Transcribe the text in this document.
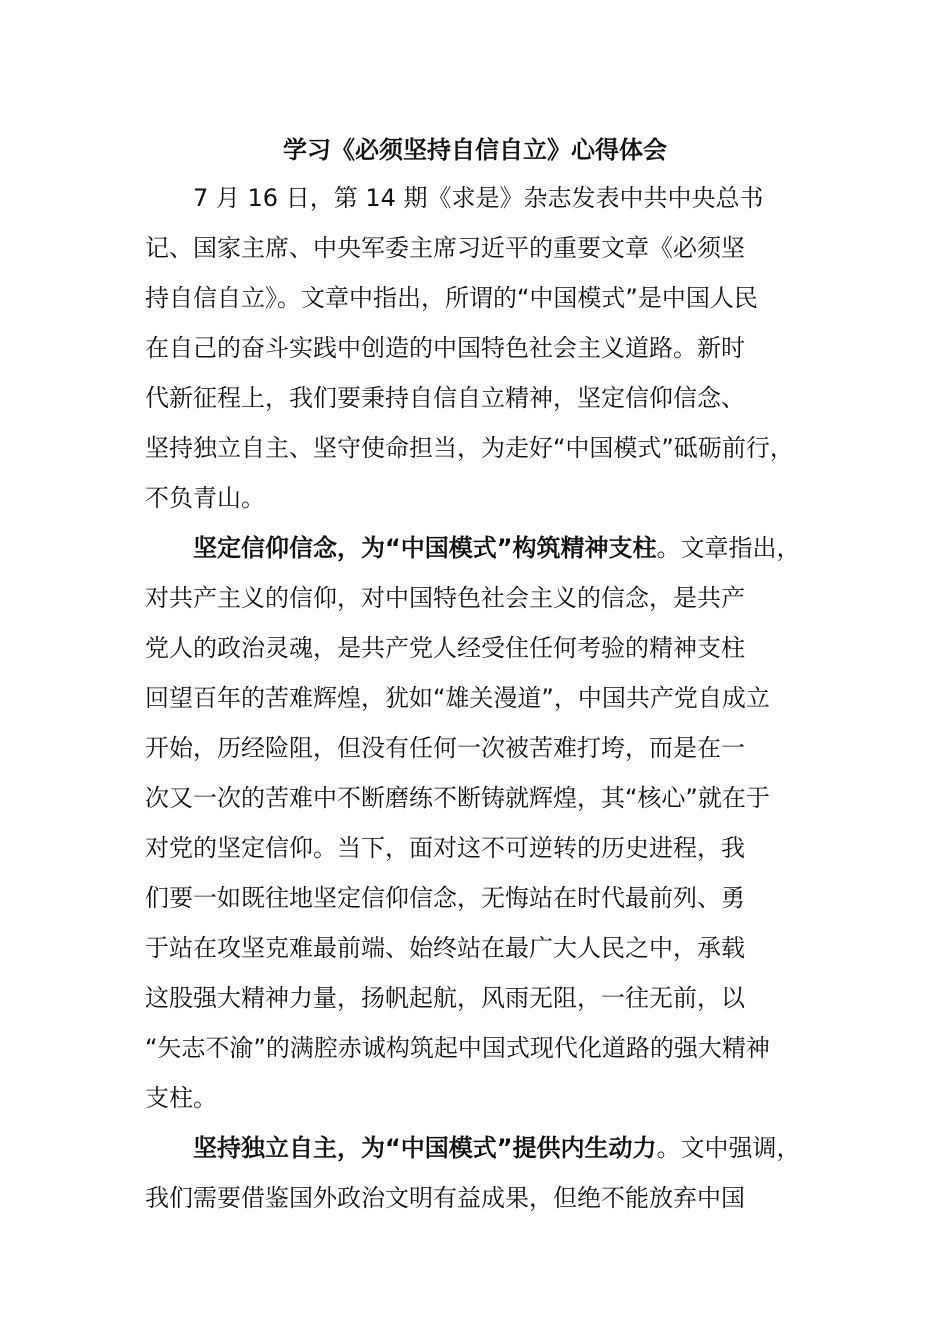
学习《必须坚持自信自立》心得体会

7 月 16 日，第 14 期《求是》杂志发表中共中央总书

记、国家主席、中央军委主席习近平的重要文章《必须坚

持自信自立》。文章中指出，所谓的“中国模式”是中国人民

在自己的奋斗实践中创造的中国特色社会主义道路。新时

代新征程上，我们要秉持自信自立精神，坚定信仰信念、

坚持独立自主、坚守使命担当，为走好“中国模式”砥砺前行，

不负青山。

坚定信仰信念，为“中国模式”构筑精神支柱。文章指出，

对共产主义的信仰，对中国特色社会主义的信念，是共产

党人的政治灵魂，是共产党人经受住任何考验的精神支柱

回望百年的苦难辉煌，犹如“雄关漫道”，中国共产党自成立

开始，历经险阻，但没有任何一次被苦难打垮，而是在一

次又一次的苦难中不断磨练不断铸就辉煌，其“核心”就在于

对党的坚定信仰。当下，面对这不可逆转的历史进程，我

们要一如既往地坚定信仰信念，无悔站在时代最前列、勇

于站在攻坚克难最前端、始终站在最广大人民之中，承载

这股强大精神力量，扬帆起航，风雨无阻，一往无前，以

“矢志不渝”的满腔赤诚构筑起中国式现代化道路的强大精神

支柱。

坚持独立自主，为“中国模式”提供内生动力。文中强调，

我们需要借鉴国外政治文明有益成果，但绝不能放弃中国
